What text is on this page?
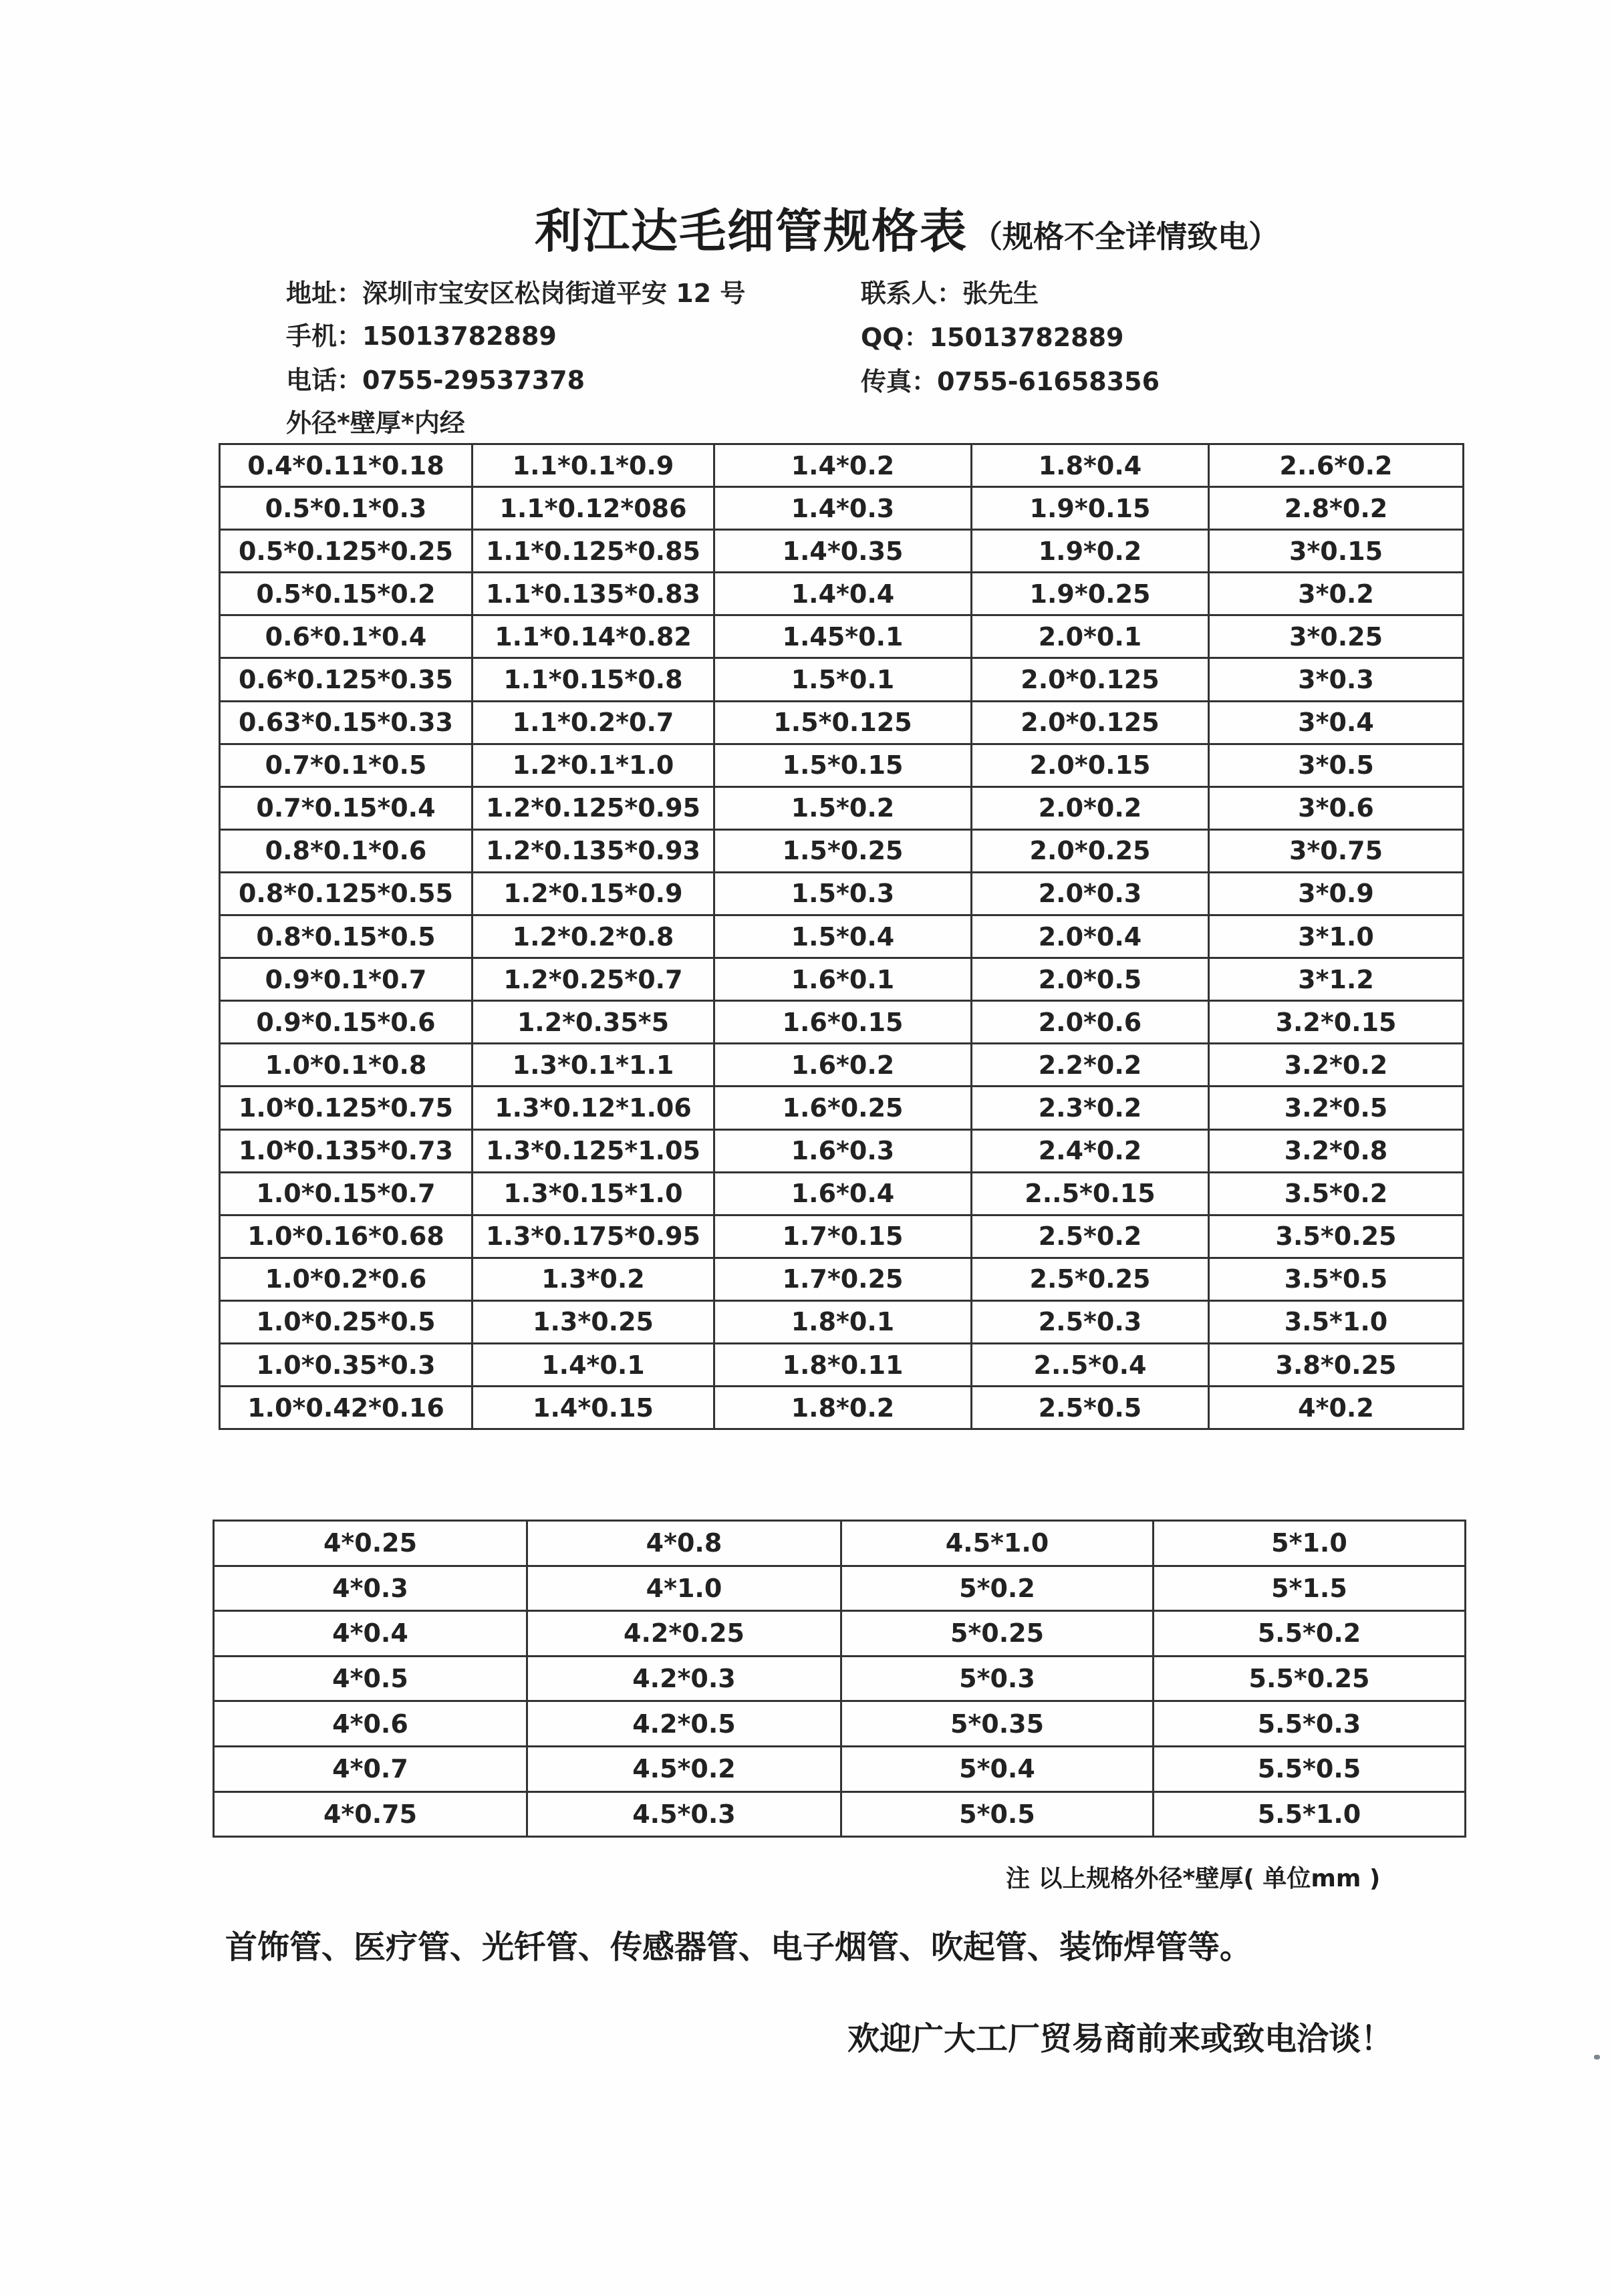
利江达毛细管规格表 （规格不全详情致电）
地址：深圳市宝安区松岗街道平安 12 号	联系人：张先生
手机：15013782889	QQ：15013782889
电话：0755-29537378	传真：0755-61658356
外径*壁厚*内经
0.4*0.11*0.18	1.1*0.1*0.9	1.4*0.2	1.8*0.4	2..6*0.2
0.5*0.1*0.3	1.1*0.12*086	1.4*0.3	1.9*0.15	2.8*0.2
0.5*0.125*0.25	1.1*0.125*0.85	1.4*0.35	1.9*0.2	3*0.15
0.5*0.15*0.2	1.1*0.135*0.83	1.4*0.4	1.9*0.25	3*0.2
0.6*0.1*0.4	1.1*0.14*0.82	1.45*0.1	2.0*0.1	3*0.25
0.6*0.125*0.35	1.1*0.15*0.8	1.5*0.1	2.0*0.125	3*0.3
0.63*0.15*0.33	1.1*0.2*0.7	1.5*0.125	2.0*0.125	3*0.4
0.7*0.1*0.5	1.2*0.1*1.0	1.5*0.15	2.0*0.15	3*0.5
0.7*0.15*0.4	1.2*0.125*0.95	1.5*0.2	2.0*0.2	3*0.6
0.8*0.1*0.6	1.2*0.135*0.93	1.5*0.25	2.0*0.25	3*0.75
0.8*0.125*0.55	1.2*0.15*0.9	1.5*0.3	2.0*0.3	3*0.9
0.8*0.15*0.5	1.2*0.2*0.8	1.5*0.4	2.0*0.4	3*1.0
0.9*0.1*0.7	1.2*0.25*0.7	1.6*0.1	2.0*0.5	3*1.2
0.9*0.15*0.6	1.2*0.35*5	1.6*0.15	2.0*0.6	3.2*0.15
1.0*0.1*0.8	1.3*0.1*1.1	1.6*0.2	2.2*0.2	3.2*0.2
1.0*0.125*0.75	1.3*0.12*1.06	1.6*0.25	2.3*0.2	3.2*0.5
1.0*0.135*0.73	1.3*0.125*1.05	1.6*0.3	2.4*0.2	3.2*0.8
1.0*0.15*0.7	1.3*0.15*1.0	1.6*0.4	2..5*0.15	3.5*0.2
1.0*0.16*0.68	1.3*0.175*0.95	1.7*0.15	2.5*0.2	3.5*0.25
1.0*0.2*0.6	1.3*0.2	1.7*0.25	2.5*0.25	3.5*0.5
1.0*0.25*0.5	1.3*0.25	1.8*0.1	2.5*0.3	3.5*1.0
1.0*0.35*0.3	1.4*0.1	1.8*0.11	2..5*0.4	3.8*0.25
1.0*0.42*0.16	1.4*0.15	1.8*0.2	2.5*0.5	4*0.2
4*0.25	4*0.8	4.5*1.0	5*1.0
4*0.3	4*1.0	5*0.2	5*1.5
4*0.4	4.2*0.25	5*0.25	5.5*0.2
4*0.5	4.2*0.3	5*0.3	5.5*0.25
4*0.6	4.2*0.5	5*0.35	5.5*0.3
4*0.7	4.5*0.2	5*0.4	5.5*0.5
4*0.75	4.5*0.3	5*0.5	5.5*1.0
注 以上规格外径*壁厚( 单位mm )
首饰管、医疗管、光钎管、传感器管、电子烟管、吹起管、装饰焊管等。
欢迎广大工厂贸易商前来或致电洽谈！
